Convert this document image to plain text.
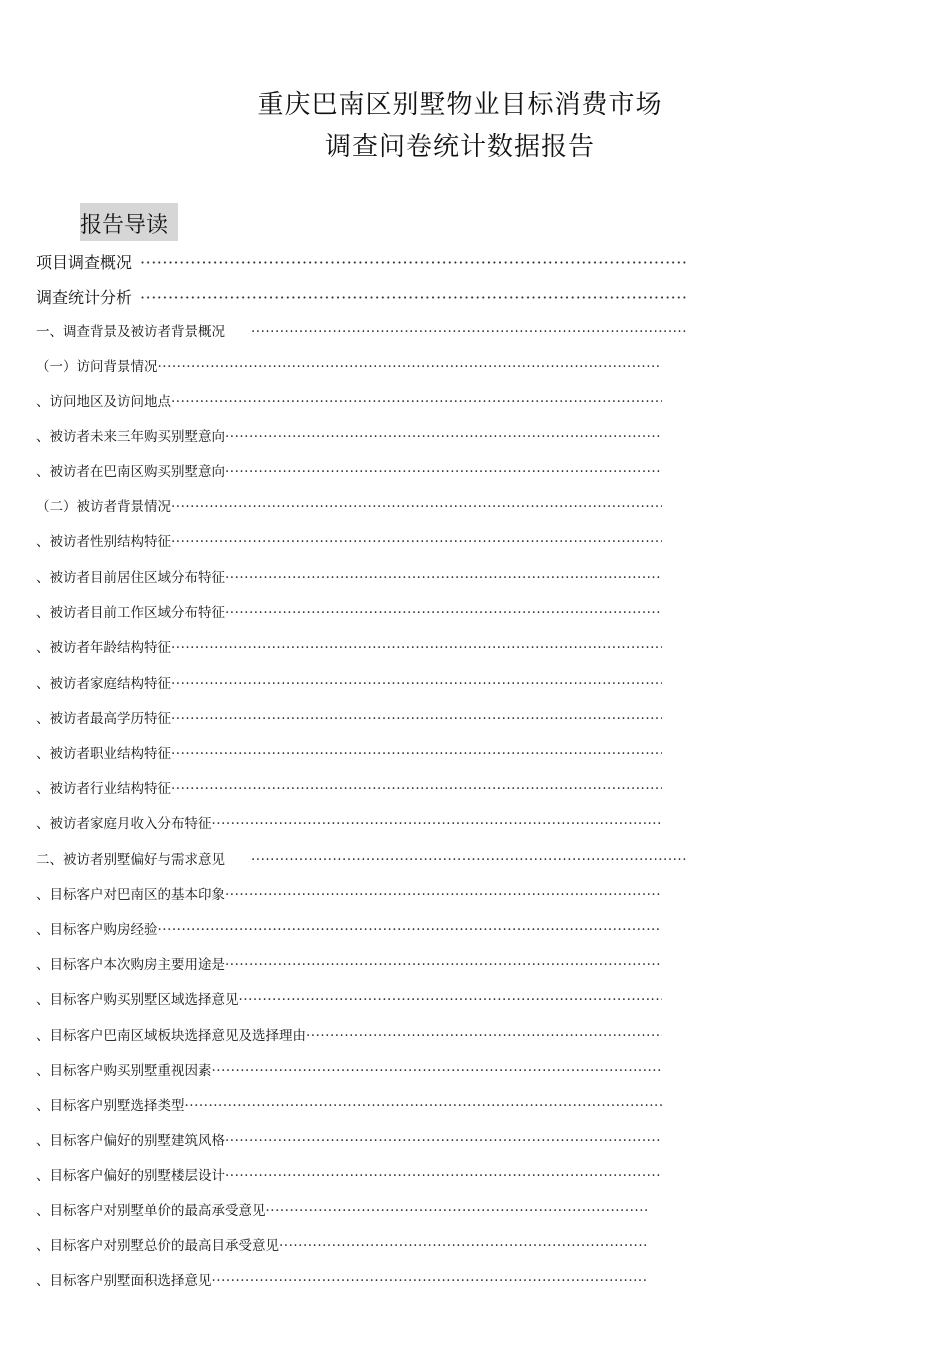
重庆巴南区别墅物业目标消费市场
调查问卷统计数据报告
报告导读
项目调查概况
·····
调查统计分析
·····
一、调查背景及被访者背景概况
·····
（一）访问背景情况
·····
、访问地区及访问地点
·····
、被访者未来三年购买别墅意向
·····
、被访者在巴南区购买别墅意向
·····
（二）被访者背景情况
·····
、被访者性别结构特征
·····
、被访者目前居住区域分布特征
·····
、被访者目前工作区域分布特征
·····
、被访者年龄结构特征
·····
、被访者家庭结构特征
·····
、被访者最高学历特征
·····
、被访者职业结构特征
·····
、被访者行业结构特征
·····
、被访者家庭月收入分布特征
·····
二、被访者别墅偏好与需求意见
·····
、目标客户对巴南区的基本印象
·····
、目标客户购房经验
·····
、目标客户本次购房主要用途是
·····
、目标客户购买别墅区域选择意见
·····
、目标客户巴南区域板块选择意见及选择理由
·····
、目标客户购买别墅重视因素
·····
、目标客户别墅选择类型
·····
、目标客户偏好的别墅建筑风格
·····
、目标客户偏好的别墅楼层设计
·····
、目标客户对别墅单价的最高承受意见
·····
、目标客户对别墅总价的最高目承受意见
·····
、目标客户别墅面积选择意见
·····
